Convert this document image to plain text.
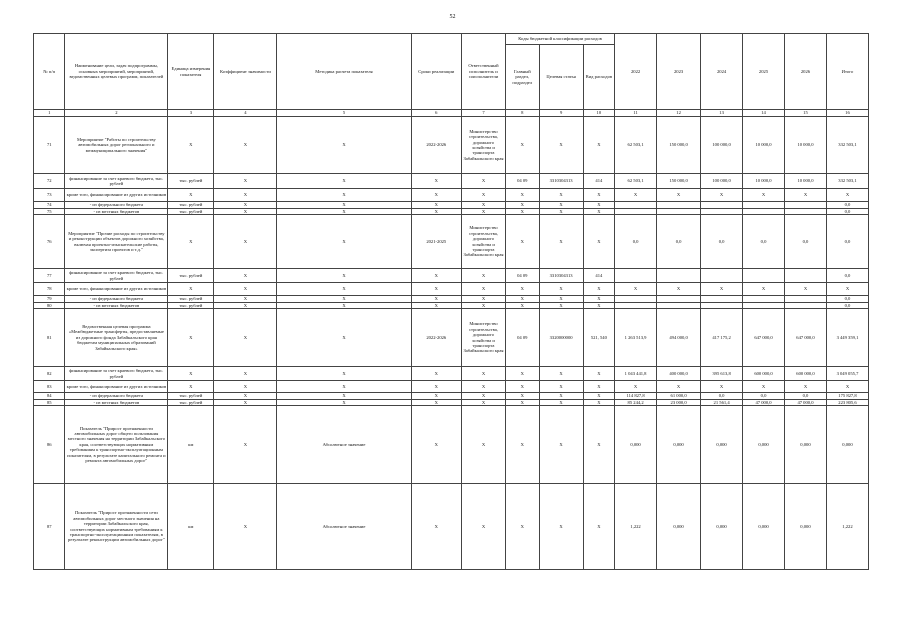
52
№ п/п	Наименование цели, задач подпрограммы, основных мероприятий, мероприятий, ведомственных целевых программ, показателей	Единица измерения показателя	Коэффициент значимости	Методика расчета показателя	Сроки реализации	Ответственный исполнитель и соисполнители	Коды бюджетной классификации расходов			2022	2023	2024	2025	2026	Итого
							Главный раздел, подраздел	Целевая статья	Вид расходов						
1	2	3	4	5	6	7	8	9	10	11	12	13	14	15	16
71	Мероприятие "Работы по строительству автомобильных дорог регионального и межмуниципального значения"	Х	Х	Х	2022-2026	Министерство строительства, дорожного хозяйства и транспорта Забайкальского края	Х	Х	Х	62 503,1	150 000,0	100 000,0	10 000,0	10 000,0	332 503,1
72	финансирование за счет краевого бюджета, тыс. рублей	тыс. рублей	Х	Х	Х	Х	04 09	3310304313	414	62 503,1	150 000,0	100 000,0	10 000,0	10 000,0	332 503,1
73	кроме того, финансирование из других источников	Х	Х	Х	Х	Х	Х	Х	Х	Х	Х	Х	Х	Х	Х
74	- из федерального бюджета	тыс. рублей	Х	Х	Х	Х	Х	Х	Х						0,0
75	- из местных бюджетов	тыс. рублей	Х	Х	Х	Х	Х	Х	Х						0,0
76	Мероприятие "Прочие расходы по строительству и реконструкции объектов дорожного хозяйства, включая проектно-изыскательские работы, экспертиза проектов и т.д."	Х	Х	Х	2021-2025	Министерство строительства, дорожного хозяйства и транспорта Забайкальского края	Х	Х	Х	0,0	0,0	0,0	0,0	0,0	0,0
77	финансирование за счет краевого бюджета, тыс. рублей	тыс. рублей	Х	Х	Х	Х	04 09	3310304313	414						0,0
78	кроме того, финансирование из других источников	Х	Х	Х	Х	Х	Х	Х	Х	Х	Х	Х	Х	Х	Х
79	- из федерального бюджета	тыс. рублей	Х	Х	Х	Х	Х	Х	Х						0,0
80	- из местных бюджетов	тыс. рублей	Х	Х	Х	Х	Х	Х	Х						0,0
81	Ведомственная целевая программа «Межбюджетные трансферты, предоставляемые из дорожного фонда Забайкальского края бюджетам муниципальных образований Забайкальского края»	Х	Х	Х	2022-2026	Министерство строительства, дорожного хозяйства и транспорта Забайкальского края	04 09	3320000000	521, 540	1 263 513,9	494 000,0	417 175,2	647 000,0	647 000,0	3 449 359,1
82	финансирование за счет краевого бюджета, тыс. рублей	Х	Х	Х	Х	Х	Х	Х	Х	1 043 441,8	400 000,0	395 613,8	600 000,0	600 000,0	3 049 055,7
83	кроме того, финансирование из других источников	Х	Х	Х	Х	Х	Х	Х	Х	Х	Х	Х	Х	Х	Х
84	- из федерального бюджета	тыс. рублей	Х	Х	Х	Х	Х	Х	Х	114 827,8	61 000,0	0,0	0,0	0,0	175 827,8
85	- из местных бюджетов	тыс. рублей	Х	Х	Х	Х	Х	Х	Х	85 244,2	23 000,0	21 561,4	47 000,0	47 000,0	223 805,6
86	Показатель "Прирост протяженности автомобильных дорог общего пользования местного значения на территории Забайкальского края, соответствующих нормативным требованиям к транспортно-эксплуатационным показателям, в результате капитального ремонта и ремонта автомобильных дорог"	км	Х	Абсолютное значение	Х	Х	Х	Х	Х	0,000	0,000	0,000	0,000	0,000	0,000
87	Показатель "Прирост протяженности сети автомобильных дорог местного значения на территории Забайкальского края, соответствующих нормативным требованиям к транспортно-эксплуатационным показателям, в результате реконструкции автомобильных дорог"	км	Х	Абсолютное значение	Х	Х	Х	Х	Х	1,222	0,000	0,000	0,000	0,000	1,222
